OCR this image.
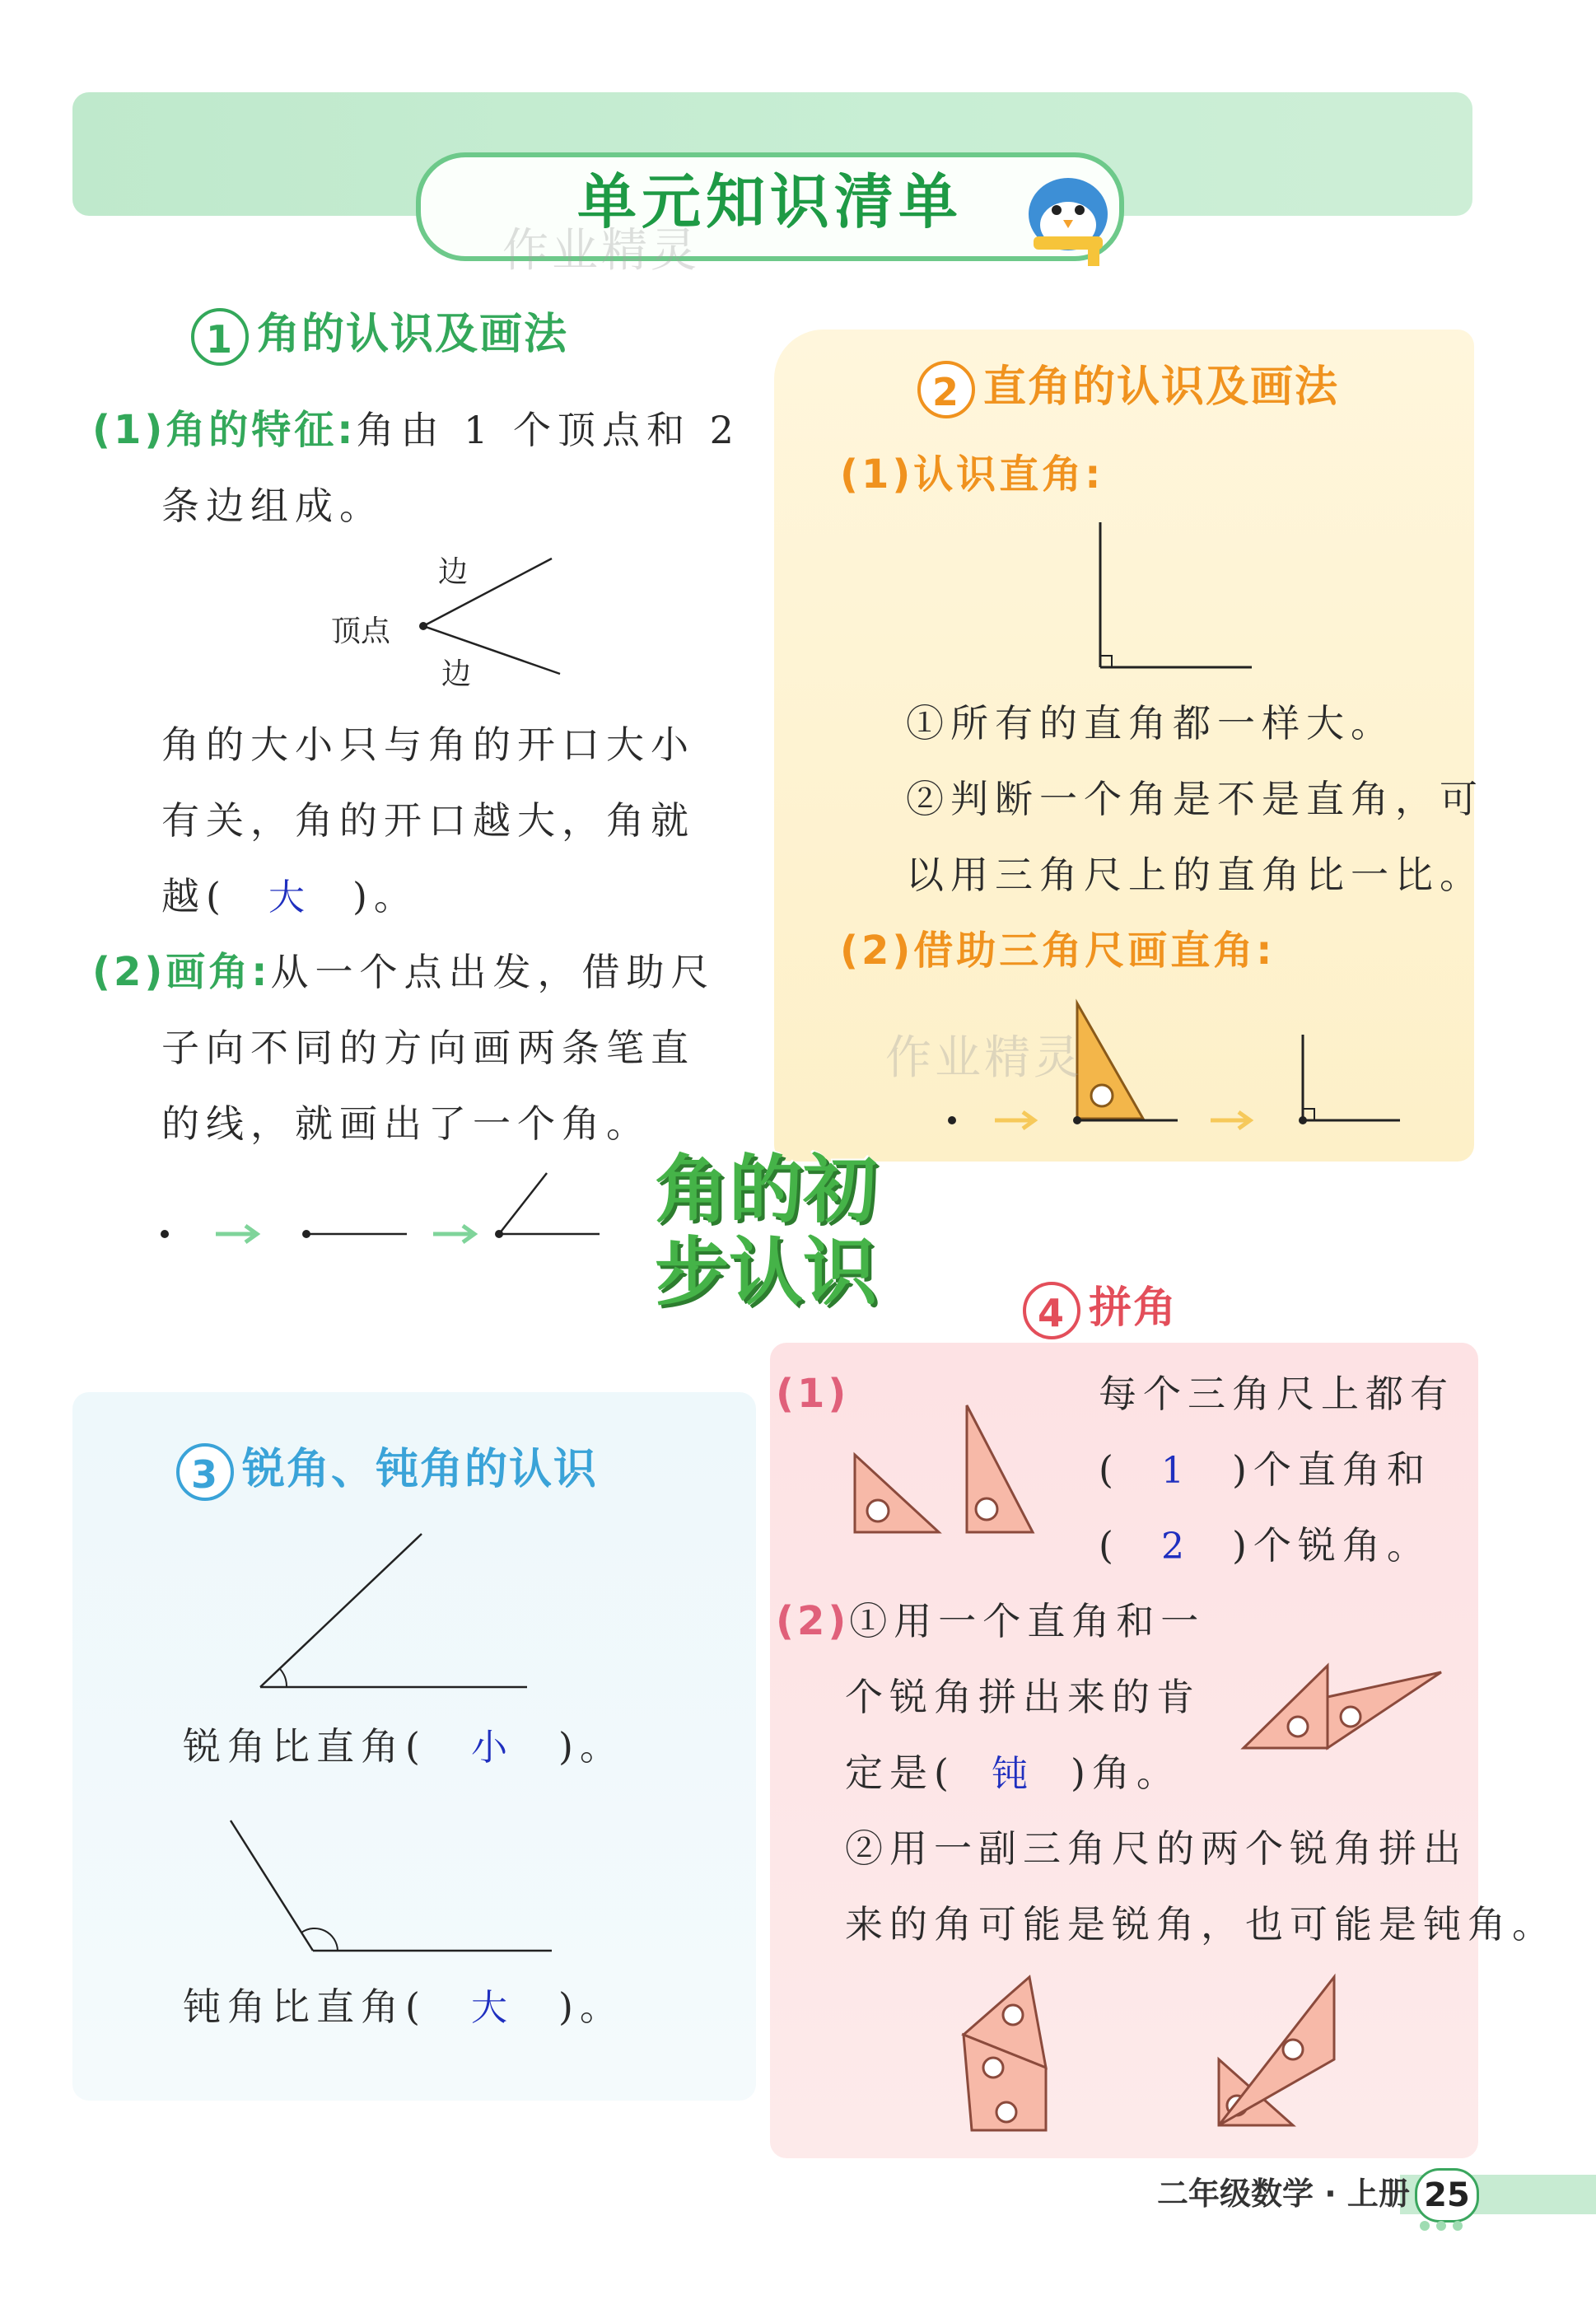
单元知识清单
作业精灵
1 角的认识及画法
(1)角的特征:角由 1 个顶点和 2
条边组成。
边
顶点
边
角的大小只与角的开口大小
有关，角的开口越大，角就
越( 大 )。
(2)画角:从一个点出发，借助尺
子向不同的方向画两条笔直
的线，就画出了一个角。
2 直角的认识及画法
(1)认识直角:
①所有的直角都一样大。
②判断一个角是不是直角，可
以用三角尺上的直角比一比。
(2)借助三角尺画直角:
作业精灵
角的初
步认识
3 锐角、钝角的认识
锐角比直角( 小 )。
钝角比直角( 大 )。
4 拼角
(1)	每个三角尺上都有
( 1 )个直角和
( 2 )个锐角。
(2)①用一个直角和一
个锐角拼出来的肯
定是( 钝 )角。
②用一副三角尺的两个锐角拼出
来的角可能是锐角，也可能是钝角。
二年级数学 · 上册 25
